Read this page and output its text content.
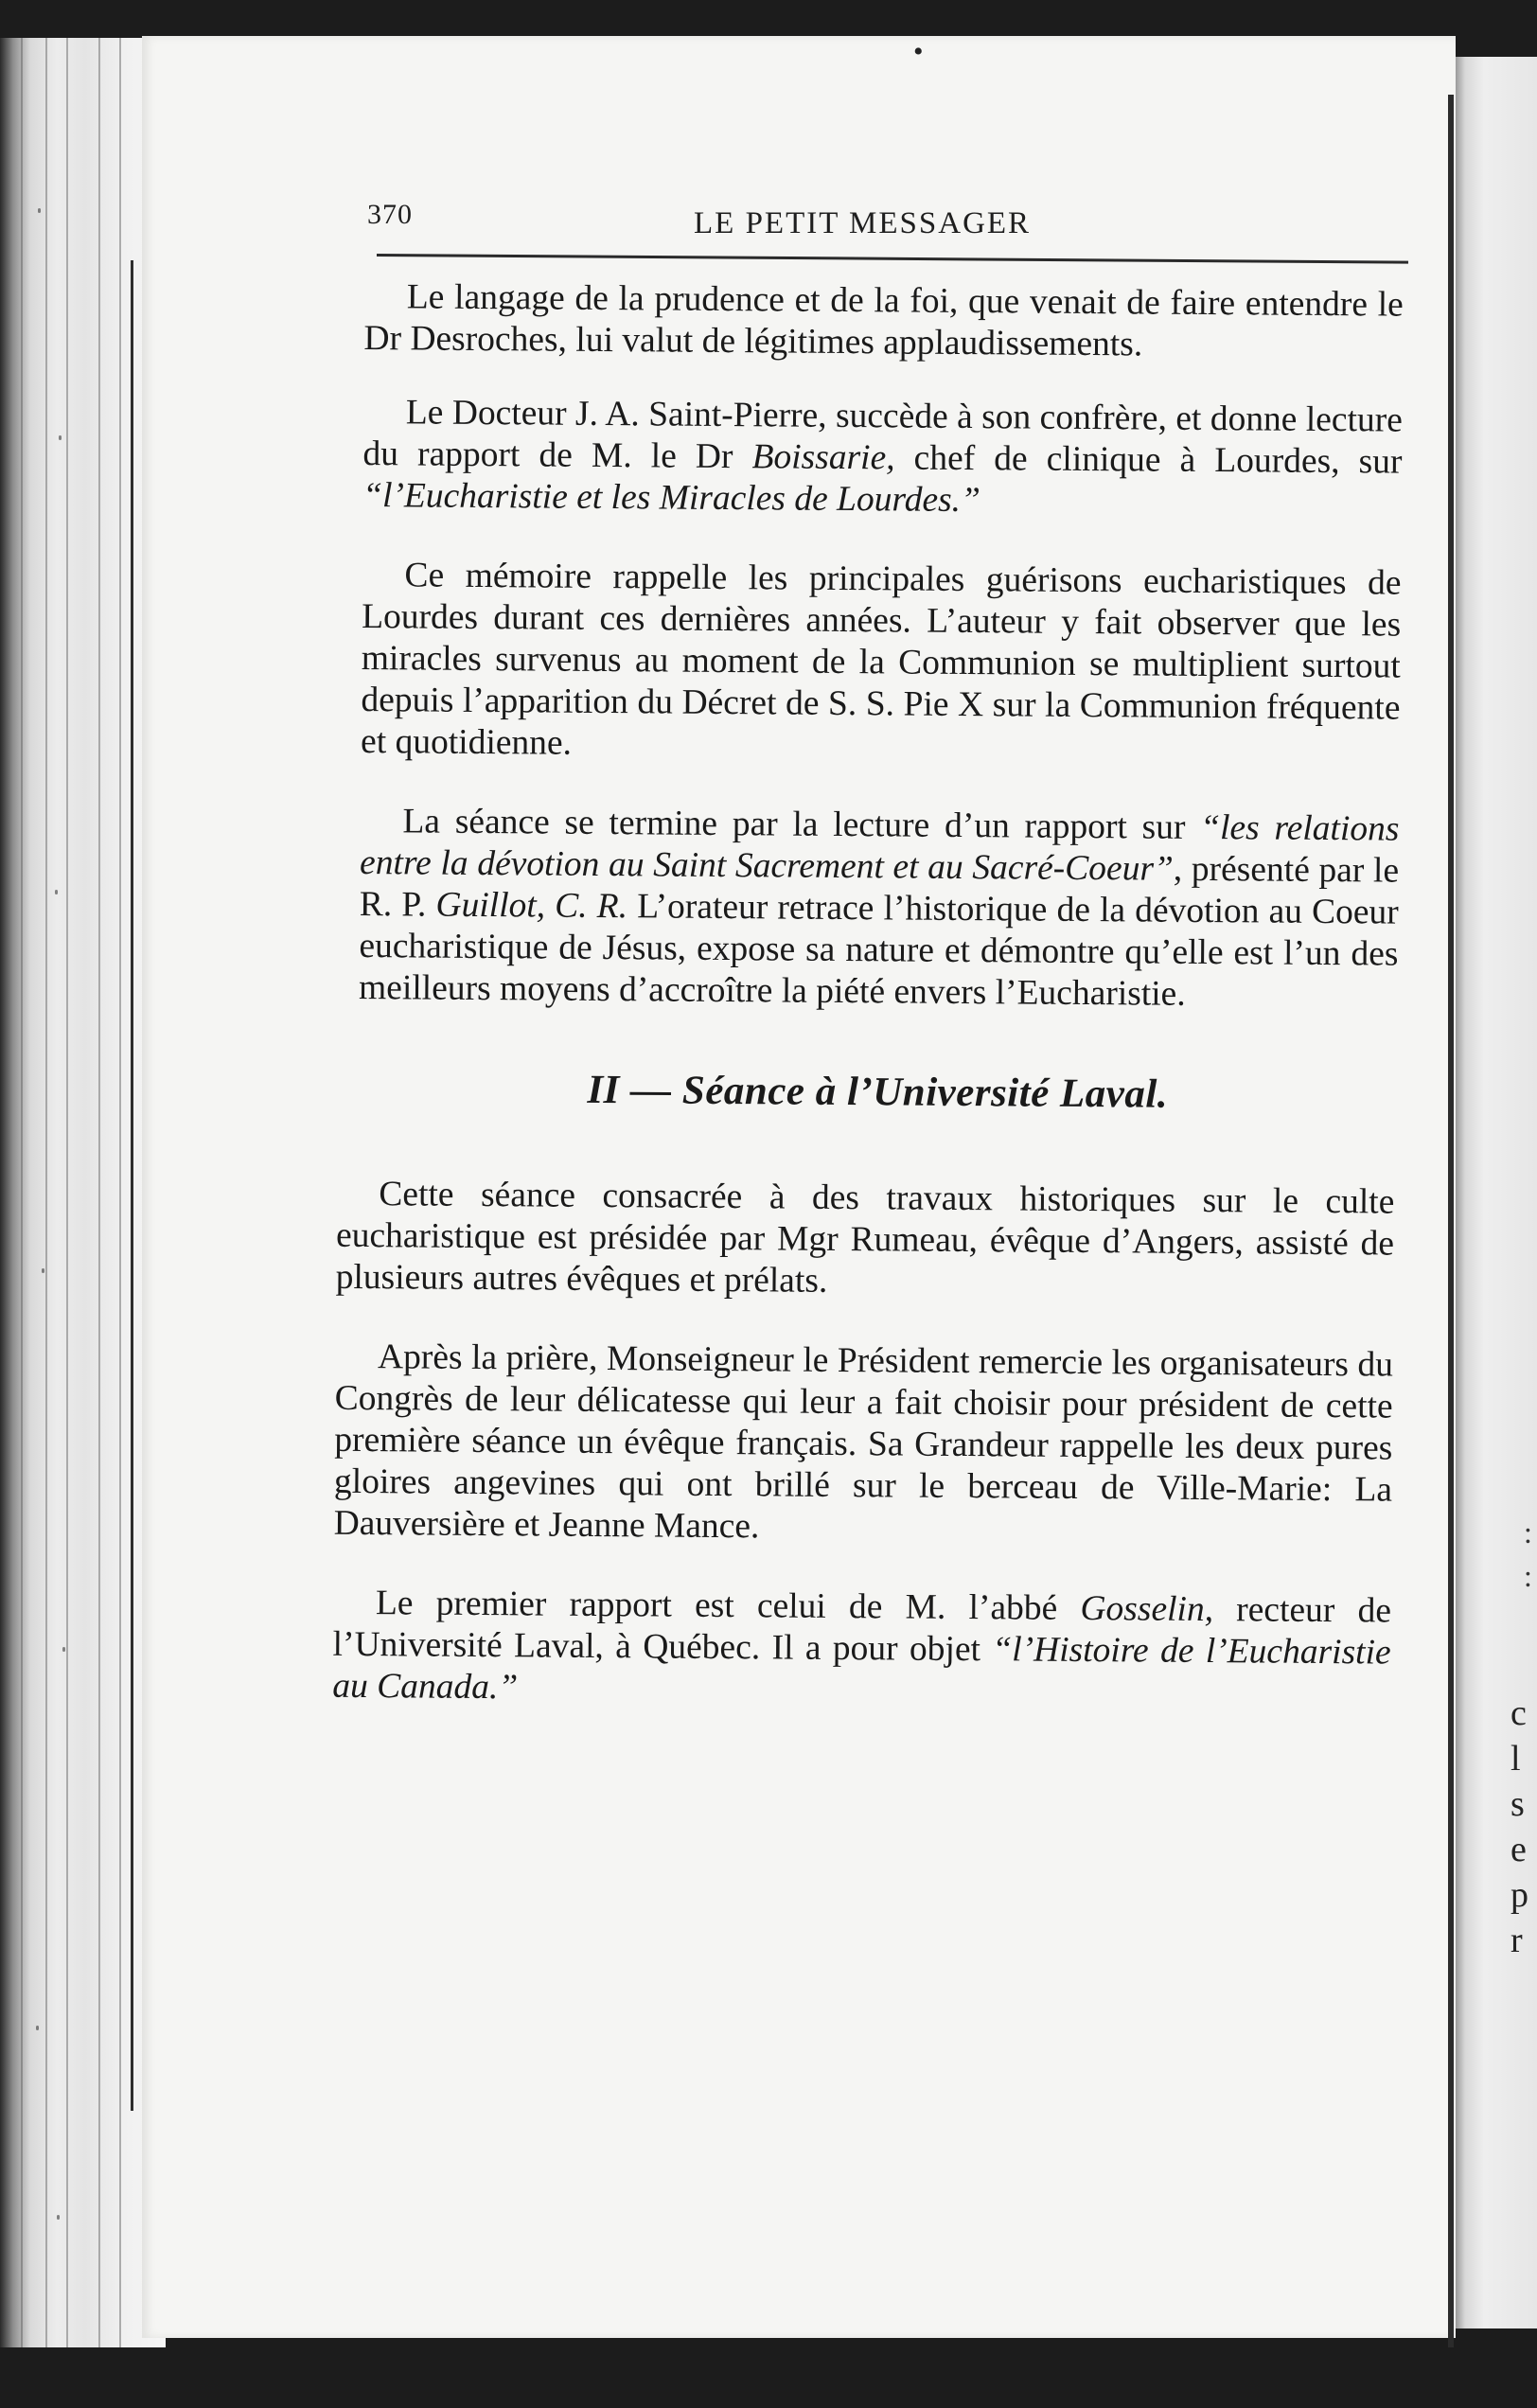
•
:
:
c
l
s
e
p
r
370	LE PETIT MESSAGER

Le langage de la prudence et de la foi, que venait de faire entendre le Dr Desroches, lui valut de légitimes applaudissements.

Le Docteur J. A. Saint-Pierre, succède à son confrère, et donne lecture du rapport de M. le Dr Boissarie, chef de clinique à Lourdes, sur “l’Eucharistie et les Miracles de Lourdes.”

Ce mémoire rappelle les principales guérisons eucharistiques de Lourdes durant ces dernières années. L’auteur y fait observer que les miracles survenus au moment de la Communion se multiplient surtout depuis l’apparition du Décret de S. S. Pie X sur la Communion fréquente et quotidienne.

La séance se termine par la lecture d’un rapport sur “les relations entre la dévotion au Saint Sacrement et au Sacré-Coeur”, présenté par le R. P. Guillot, C. R. L’orateur retrace l’historique de la dévotion au Coeur eucharistique de Jésus, expose sa nature et démontre qu’elle est l’un des meilleurs moyens d’accroître la piété envers l’Eucharistie.

II — Séance à l’Université Laval.

Cette séance consacrée à des travaux historiques sur le culte eucharistique est présidée par Mgr Rumeau, évêque d’Angers, assisté de plusieurs autres évêques et prélats.

Après la prière, Monseigneur le Président remercie les organisateurs du Congrès de leur délicatesse qui leur a fait choisir pour président de cette première séance un évêque français. Sa Grandeur rappelle les deux pures gloires angevines qui ont brillé sur le berceau de Ville-Marie: La Dauversière et Jeanne Mance.

Le premier rapport est celui de M. l’abbé Gosselin, recteur de l’Université Laval, à Québec. Il a pour objet “l’Histoire de l’Eucharistie au Canada.”
